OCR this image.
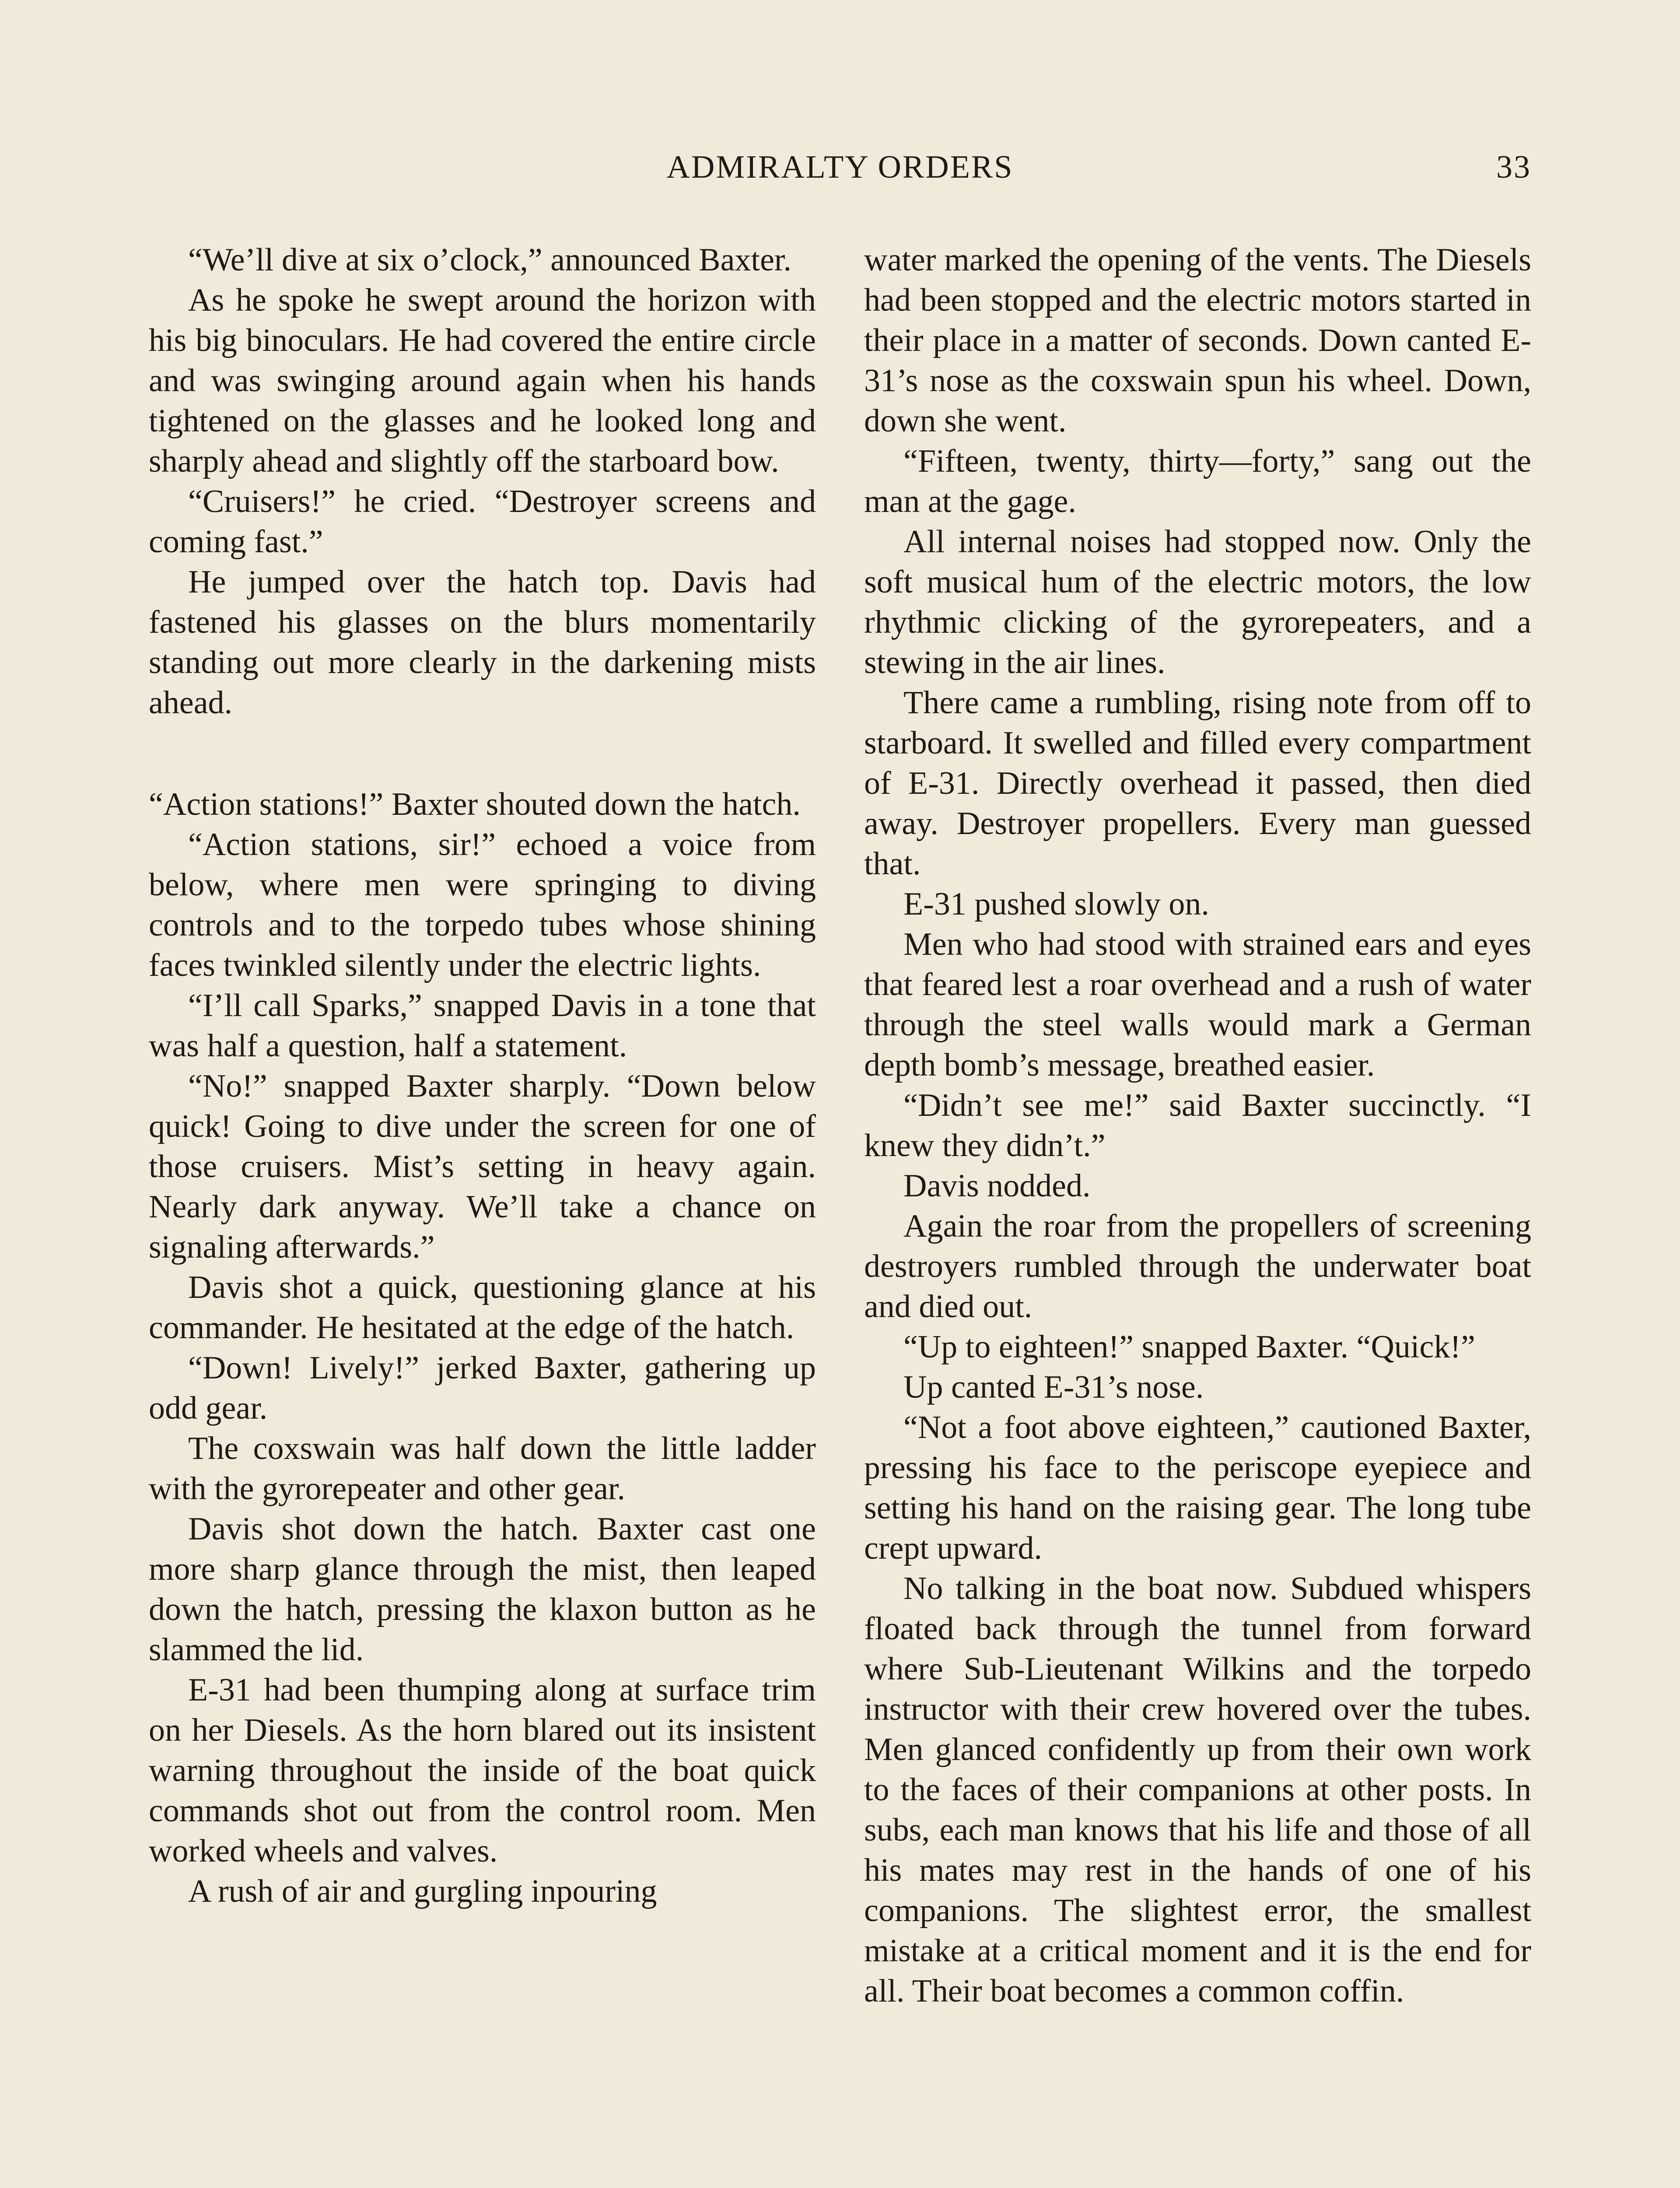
ADMIRALTY ORDERS	33

“We’ll dive at six o’clock,” announced Baxter.

As he spoke he swept around the horizon with his big binoculars. He had covered the entire circle and was swinging around again when his hands tightened on the glasses and he looked long and sharply ahead and slightly off the starboard bow.

“Cruisers!” he cried. “Destroyer screens and coming fast.”

He jumped over the hatch top. Davis had fastened his glasses on the blurs momentarily standing out more clearly in the darkening mists ahead.

“Action stations!” Baxter shouted down the hatch.

“Action stations, sir!” echoed a voice from below, where men were springing to diving controls and to the torpedo tubes whose shining faces twinkled silently under the electric lights.

“I’ll call Sparks,” snapped Davis in a tone that was half a question, half a statement.

“No!” snapped Baxter sharply. “Down below quick! Going to dive under the screen for one of those cruisers. Mist’s setting in heavy again. Nearly dark anyway. We’ll take a chance on signaling afterwards.”

Davis shot a quick, questioning glance at his commander. He hesitated at the edge of the hatch.

“Down! Lively!” jerked Baxter, gathering up odd gear.

The coxswain was half down the little ladder with the gyrorepeater and other gear.

Davis shot down the hatch. Baxter cast one more sharp glance through the mist, then leaped down the hatch, pressing the klaxon button as he slammed the lid.

E-31 had been thumping along at surface trim on her Diesels. As the horn blared out its insistent warning throughout the inside of the boat quick commands shot out from the control room. Men worked wheels and valves.

A rush of air and gurgling inpouring

water marked the opening of the vents. The Diesels had been stopped and the electric motors started in their place in a matter of seconds. Down canted E-31’s nose as the coxswain spun his wheel. Down, down she went.

“Fifteen, twenty, thirty—forty,” sang out the man at the gage.

All internal noises had stopped now. Only the soft musical hum of the electric motors, the low rhythmic clicking of the gyrorepeaters, and a stewing in the air lines.

There came a rumbling, rising note from off to starboard. It swelled and filled every compartment of E-31. Directly overhead it passed, then died away. Destroyer propellers. Every man guessed that.

E-31 pushed slowly on.

Men who had stood with strained ears and eyes that feared lest a roar overhead and a rush of water through the steel walls would mark a German depth bomb’s message, breathed easier.

“Didn’t see me!” said Baxter succinctly. “I knew they didn’t.”

Davis nodded.

Again the roar from the propellers of screening destroyers rumbled through the underwater boat and died out.

“Up to eighteen!” snapped Baxter. “Quick!”

Up canted E-31’s nose.

“Not a foot above eighteen,” cautioned Baxter, pressing his face to the periscope eyepiece and setting his hand on the raising gear. The long tube crept upward.

No talking in the boat now. Subdued whispers floated back through the tunnel from forward where Sub-Lieutenant Wilkins and the torpedo instructor with their crew hovered over the tubes. Men glanced confidently up from their own work to the faces of their companions at other posts. In subs, each man knows that his life and those of all his mates may rest in the hands of one of his companions. The slightest error, the smallest mistake at a critical moment and it is the end for all. Their boat becomes a common coffin.
